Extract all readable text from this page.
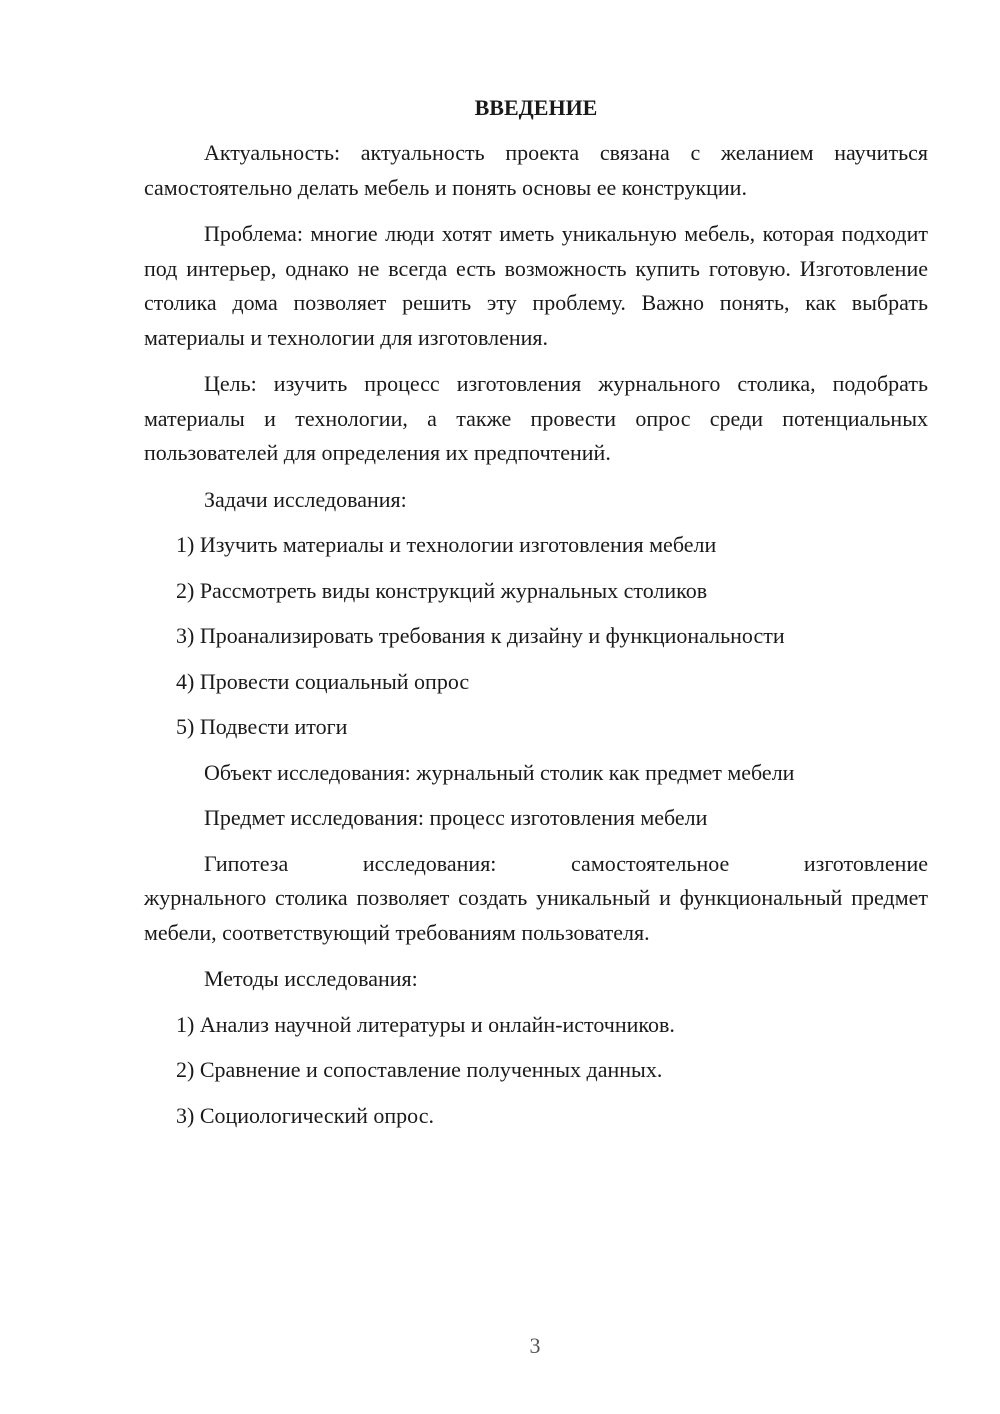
ВВЕДЕНИЕ

Актуальность: актуальность проекта связана с желанием научиться самостоятельно делать мебель и понять основы ее конструкции.

Проблема: многие люди хотят иметь уникальную мебель, которая подходит под интерьер, однако не всегда есть возможность купить готовую. Изготовление столика дома позволяет решить эту проблему. Важно понять, как выбрать материалы и технологии для изготовления.

Цель: изучить процесс изготовления журнального столика, подобрать материалы и технологии, а также провести опрос среди потенциальных пользователей для определения их предпочтений.

Задачи исследования:

1) Изучить материалы и технологии изготовления мебели

2) Рассмотреть виды конструкций журнальных столиков

3) Проанализировать требования к дизайну и функциональности

4) Провести социальный опрос

5) Подвести итоги

Объект исследования: журнальный столик как предмет мебели

Предмет исследования: процесс изготовления мебели

Гипотеза исследования: самостоятельное изготовление

журнального столика позволяет создать уникальный и функциональный предмет мебели, соответствующий требованиям пользователя.

Методы исследования:

1) Анализ научной литературы и онлайн-источников.

2) Сравнение и сопоставление полученных данных.

3) Социологический опрос.

3
